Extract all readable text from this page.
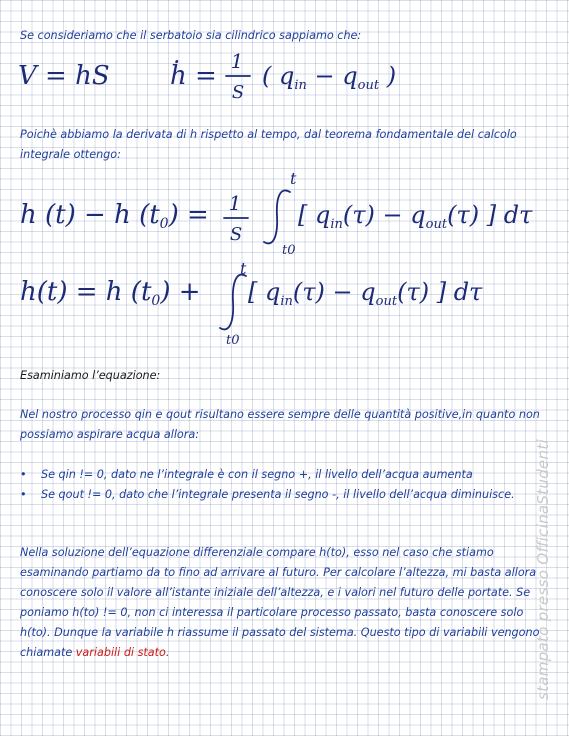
Se consideriamo che il serbatoio sia cilindrico sappiamo che:

V = hS ḣ = 1
S
( $q_{in} - q_{out}$ )

Poichè abbiamo la derivata di h rispetto al tempo, dal teorema fondamentale del calcolo integrale ottengo:

h (t) − h (t0) = 1
S
t
t0
[ $q_{in}(\tau) - q_{out}(\tau)$ ] dτ
h(t) = h (t0) +
t
t0
[ $q_{in}(\tau) - q_{out}(\tau)$ ] dτ

Esaminiamo l’equazione:

Nel nostro processo qin e qout risultano essere sempre delle quantità positive,in quanto non possiamo aspirare acqua allora:

• Se qin != 0, dato ne l’integrale è con il segno +, il livello dell’acqua aumenta
• Se qout != 0, dato che l’integrale presenta il segno -, il livello dell’acqua diminuisce.

Nella soluzione dell’equazione differenziale compare h(to), esso nel caso che stiamo esaminando partiamo da to fino ad arrivare al futuro. Per calcolare l’altezza, mi basta allora conoscere solo il valore all’istante iniziale dell’altezza, e i valori nel futuro delle portate. Se poniamo h(to) != 0, non ci interessa il particolare processo passato, basta conoscere solo h(to). Dunque la variabile h riassume il passato del sistema. Questo tipo di variabili vengono chiamate variabili di stato.	stampato presso OfficinaStudenti
